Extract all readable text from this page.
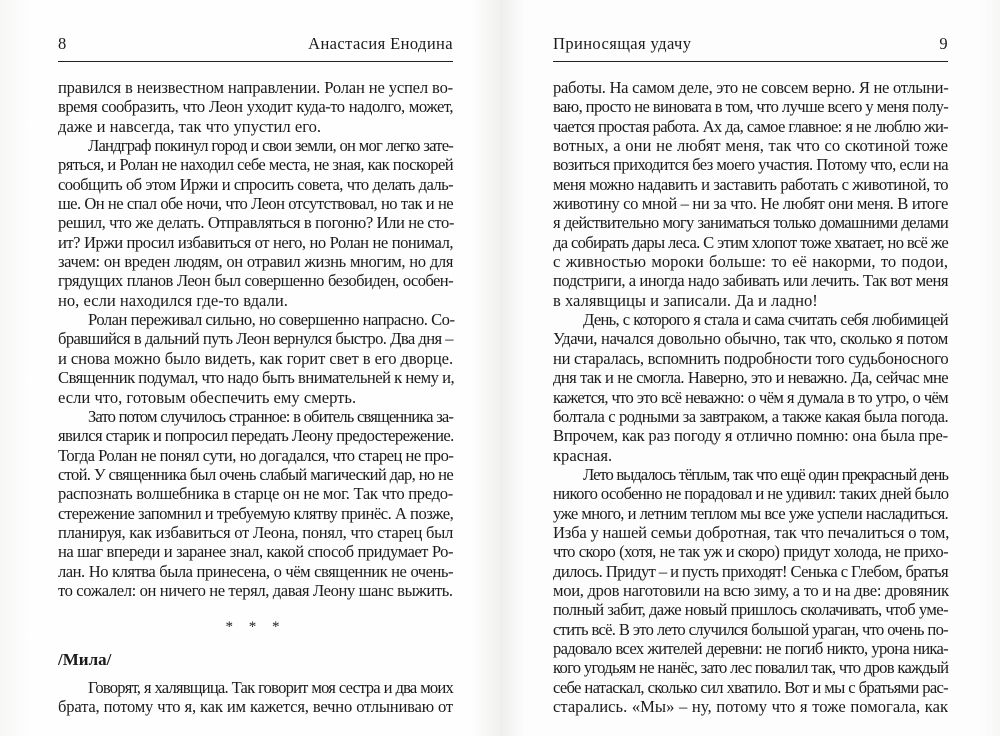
8	Анастасия Енодина
правился в неизвестном направлении. Ролан не успел во-
время сообразить, что Леон уходит куда-то надолго, может,
даже и навсегда, так что упустил его.
Ландграф покинул город и свои земли, он мог легко зате-
ряться, и Ролан не находил себе места, не зная, как поскорей
сообщить об этом Иржи и спросить совета, что делать даль-
ше. Он не спал обе ночи, что Леон отсутствовал, но так и не
решил, что же делать. Отправляться в погоню? Или не сто-
ит? Иржи просил избавиться от него, но Ролан не понимал,
зачем: он вреден людям, он отравил жизнь многим, но для
грядущих планов Леон был совершенно безобиден, особен-
но, если находился где-то вдали.
Ролан переживал сильно, но совершенно напрасно. Со-
бравшийся в дальний путь Леон вернулся быстро. Два дня –
и снова можно было видеть, как горит свет в его дворце.
Священник подумал, что надо быть внимательней к нему и,
если что, готовым обеспечить ему смерть.
Зато потом случилось странное: в обитель священника за-
явился старик и попросил передать Леону предостережение.
Тогда Ролан не понял сути, но догадался, что старец не про-
стой. У священника был очень слабый магический дар, но не
распознать волшебника в старце он не мог. Так что предо-
стережение запомнил и требуемую клятву принёс. А позже,
планируя, как избавиться от Леона, понял, что старец был
на шаг впереди и заранее знал, какой способ придумает Ро-
лан. Но клятва была принесена, о чём священник не очень-
то сожалел: он ничего не терял, давая Леону шанс выжить.
* * *
/Мила/
Говорят, я халявщица. Так говорит моя сестра и два моих
брата, потому что я, как им кажется, вечно отлыниваю от
Приносящая удачу	9
работы. На самом деле, это не совсем верно. Я не отлыни-
ваю, просто не виновата в том, что лучше всего у меня полу-
чается простая работа. Ах да, самое главное: я не люблю жи-
вотных, а они не любят меня, так что со скотиной тоже
возиться приходится без моего участия. Потому что, если на
меня можно надавить и заставить работать с животиной, то
животину со мной – ни за что. Не любят они меня. В итоге
я действительно могу заниматься только домашними делами
да собирать дары леса. С этим хлопот тоже хватает, но всё же
с живностью мороки больше: то её накорми, то подои,
подстриги, а иногда надо забивать или лечить. Так вот меня
в халявщицы и записали. Да и ладно!
День, с которого я стала и сама считать себя любимицей
Удачи, начался довольно обычно, так что, сколько я потом
ни старалась, вспомнить подробности того судьбоносного
дня так и не смогла. Наверно, это и неважно. Да, сейчас мне
кажется, что это всё неважно: о чём я думала в то утро, о чём
болтала с родными за завтраком, а также какая была погода.
Впрочем, как раз погоду я отлично помню: она была пре-
красная.
Лето выдалось тёплым, так что ещё один прекрасный день
никого особенно не порадовал и не удивил: таких дней было
уже много, и летним теплом мы все уже успели насладиться.
Изба у нашей семьи добротная, так что печалиться о том,
что скоро (хотя, не так уж и скоро) придут холода, не прихо-
дилось. Придут – и пусть приходят! Сенька с Глебом, братья
мои, дров наготовили на всю зиму, а то и на две: дровяник
полный забит, даже новый пришлось сколачивать, чтоб уме-
стить всё. В это лето случился большой ураган, что очень по-
радовало всех жителей деревни: не погиб никто, урона ника-
кого угодьям не нанёс, зато лес повалил так, что дров каждый
себе натаскал, сколько сил хватило. Вот и мы с братьями рас-
старались. «Мы» – ну, потому что я тоже помогала, как
